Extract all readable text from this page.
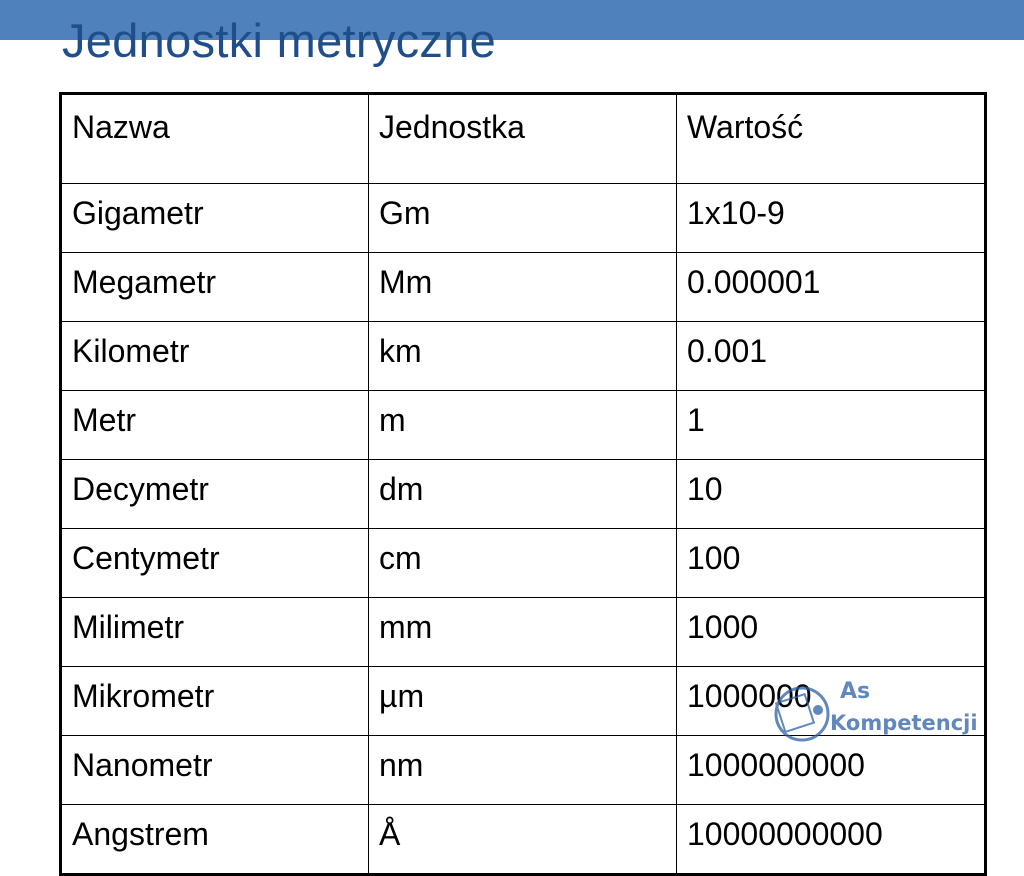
Jednostki metryczne
Nazwa	Jednostka	Wartość
Gigametr	Gm	1x10-9
Megametr	Mm	0.000001
Kilometr	km	0.001
Metr	m	1
Decymetr	dm	10
Centymetr	cm	100
Milimetr	mm	1000
Mikrometr	µm	1000000
Nanometr	nm	1000000000
Angstrem	Å	10000000000
As
Kompetencji
